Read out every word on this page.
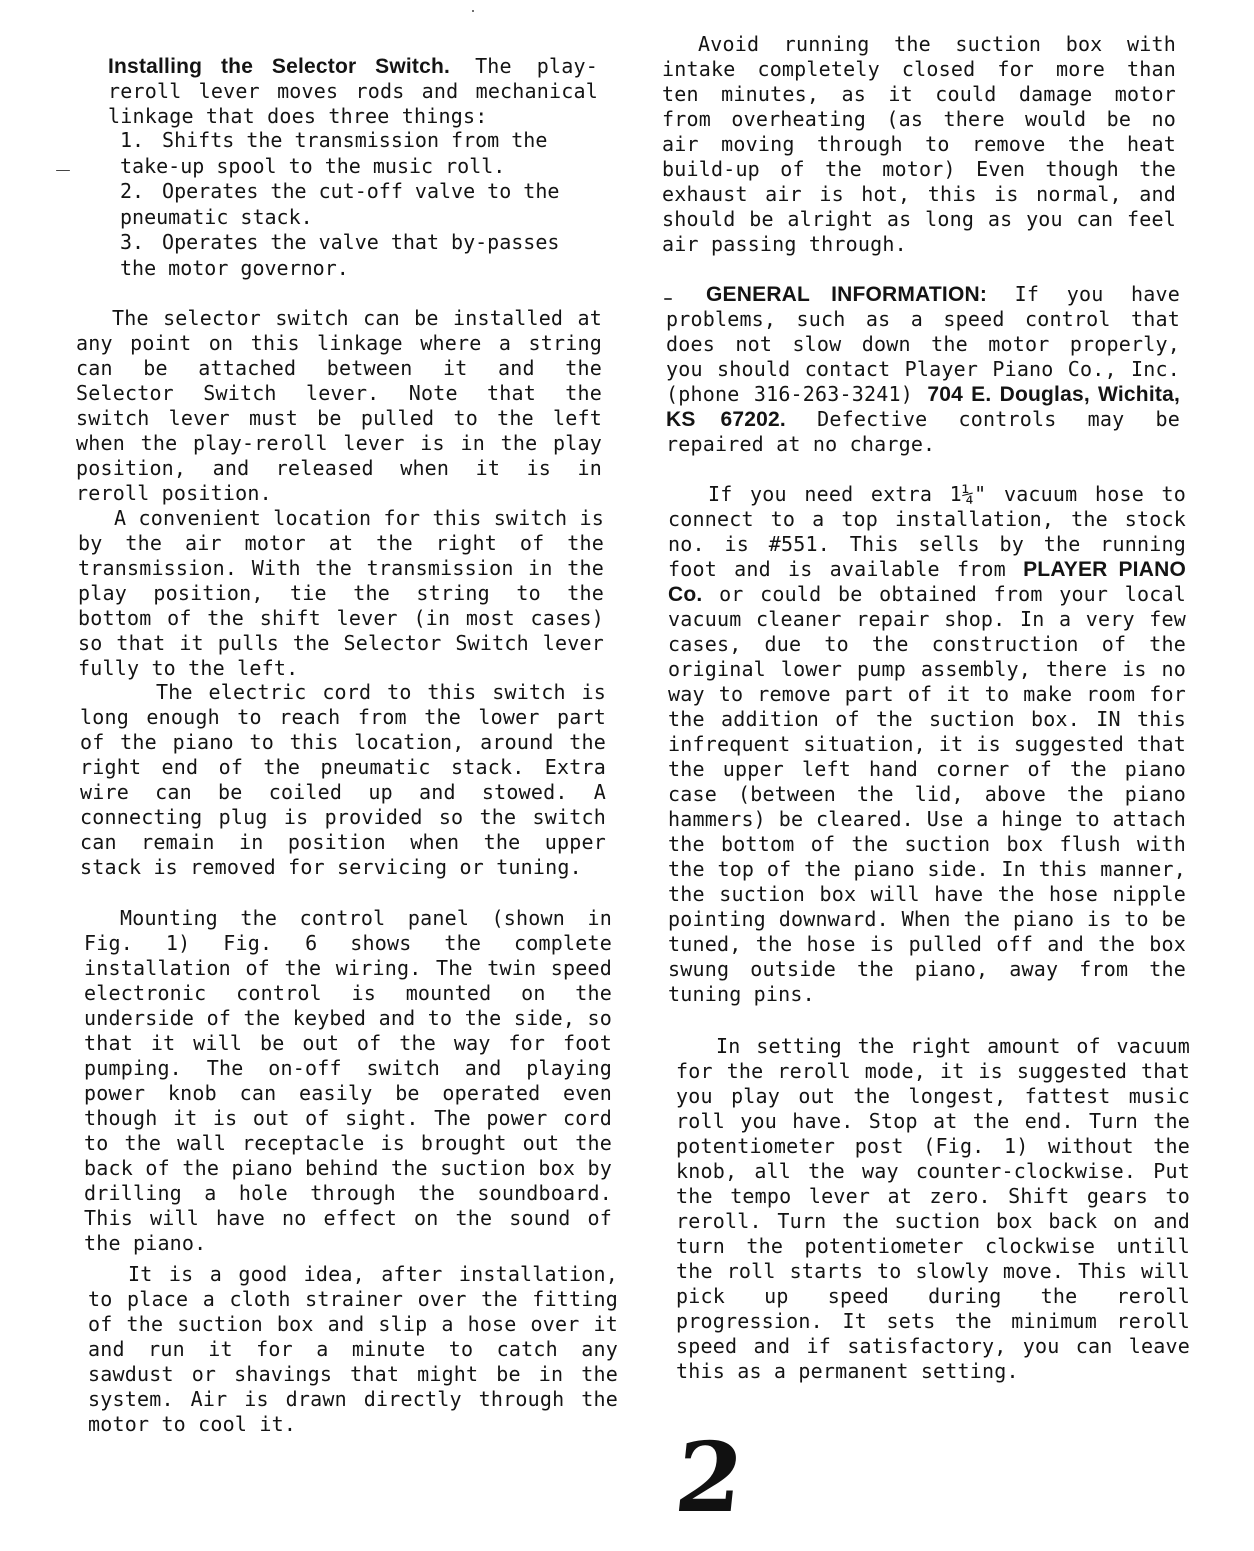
Installing the Selector Switch. The play-reroll lever moves rods and mechanical linkage that does three things:

1. Shifts the transmission from the take-up spool to the music roll.
2. Operates the cut-off valve to the pneumatic stack.
3. Operates the valve that by-passes the motor governor.

The selector switch can be installed at any point on this linkage where a string can be attached between it and the Selector Switch lever. Note that the switch lever must be pulled to the left when the play-reroll lever is in the play position, and released when it is in reroll position.

A convenient location for this switch is by the air motor at the right of the transmission. With the transmission in the play position, tie the string to the bottom of the shift lever (in most cases) so that it pulls the Selector Switch lever fully to the left.

The electric cord to this switch is long enough to reach from the lower part of the piano to this location, around the right end of the pneumatic stack. Extra wire can be coiled up and stowed. A connecting plug is provided so the switch can remain in position when the upper stack is removed for servicing or tuning.

Mounting the control panel (shown in Fig. 1) Fig. 6 shows the complete installation of the wiring. The twin speed electronic control is mounted on the underside of the keybed and to the side, so that it will be out of the way for foot pumping. The on-off switch and playing power knob can easily be operated even though it is out of sight. The power cord to the wall receptacle is brought out the back of the piano behind the suction box by drilling a hole through the soundboard. This will have no effect on the sound of the piano.

It is a good idea, after installation, to place a cloth strainer over the fitting of the suction box and slip a hose over it and run it for a minute to catch any sawdust or shavings that might be in the system. Air is drawn directly through the motor to cool it.

Avoid running the suction box with intake completely closed for more than ten minutes, as it could damage motor from overheating (as there would be no air moving through to remove the heat build-up of the motor) Even though the exhaust air is hot, this is normal, and should be alright as long as you can feel air passing through.

GENERAL INFORMATION: If you have problems, such as a speed control that does not slow down the motor properly, you should contact Player Piano Co., Inc. (phone 316-263-3241) 704 E. Douglas, Wichita, KS 67202. Defective controls may be repaired at no charge.

If you need extra 1¼" vacuum hose to connect to a top installation, the stock no. is #551. This sells by the running foot and is available from PLAYER PIANO Co. or could be obtained from your local vacuum cleaner repair shop. In a very few cases, due to the construction of the original lower pump assembly, there is no way to remove part of it to make room for the addition of the suction box. IN this infrequent situation, it is suggested that the upper left hand corner of the piano case (between the lid, above the piano hammers) be cleared. Use a hinge to attach the bottom of the suction box flush with the top of the piano side. In this manner, the suction box will have the hose nipple pointing downward. When the piano is to be tuned, the hose is pulled off and the box swung outside the piano, away from the tuning pins.

In setting the right amount of vacuum for the reroll mode, it is suggested that you play out the longest, fattest music roll you have. Stop at the end. Turn the potentiometer post (Fig. 1) without the knob, all the way counter-clockwise. Put the tempo lever at zero. Shift gears to reroll. Turn the suction box back on and turn the potentiometer clockwise untill the roll starts to slowly move. This will pick up speed during the reroll progression. It sets the minimum reroll speed and if satisfactory, you can leave this as a permanent setting.

2
